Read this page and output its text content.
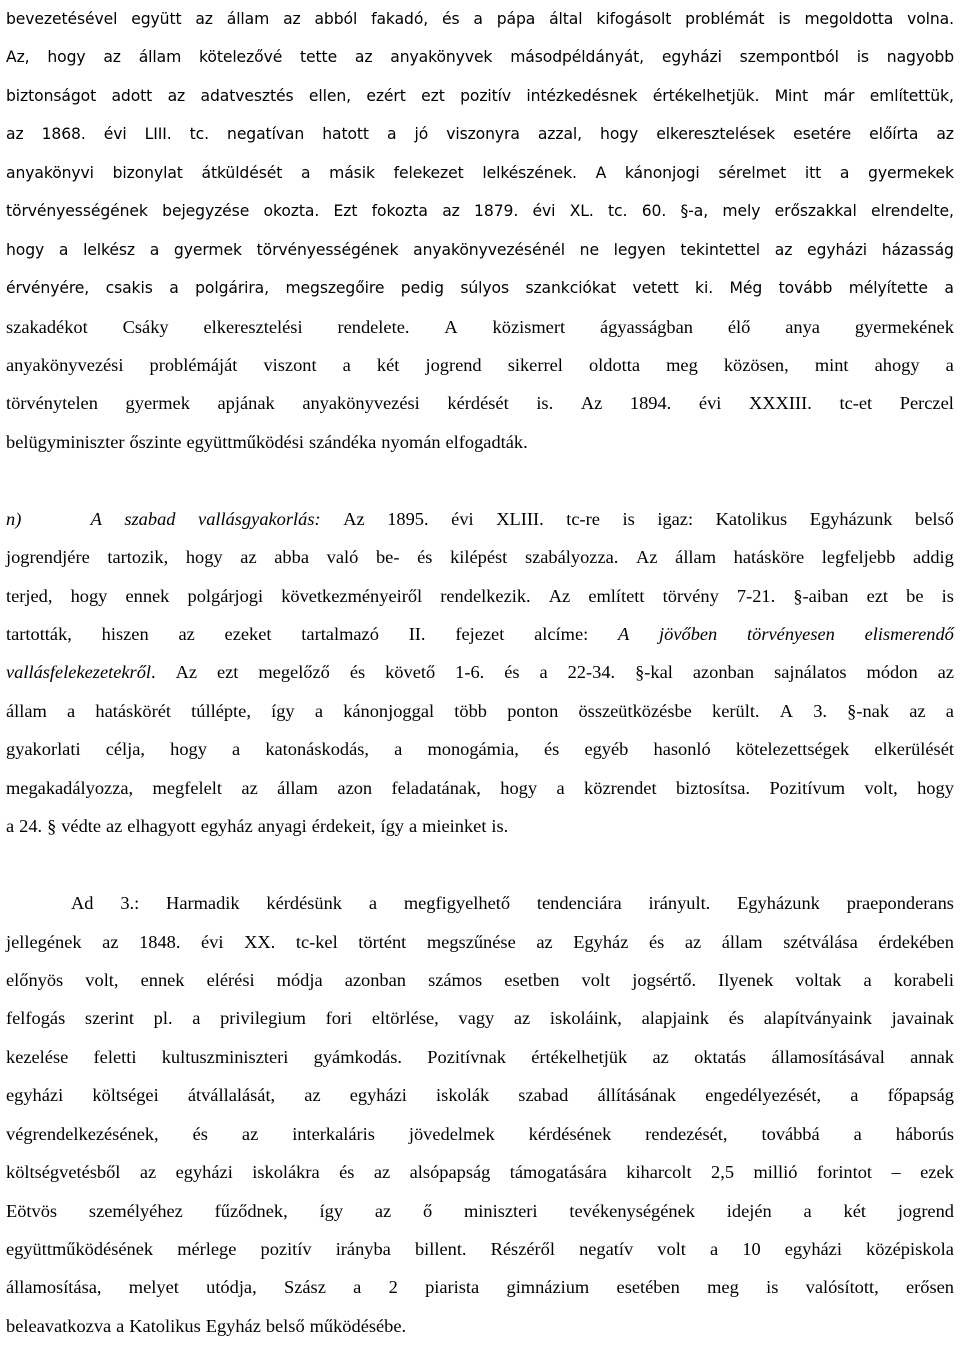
bevezetésével együtt az állam az abból fakadó, és a pápa által kifogásolt problémát is megoldotta volna.
Az, hogy az állam kötelezővé tette az anyakönyvek másodpéldányát, egyházi szempontból is nagyobb
biztonságot adott az adatvesztés ellen, ezért ezt pozitív intézkedésnek értékelhetjük. Mint már említettük,
az 1868. évi LIII. tc. negatívan hatott a jó viszonyra azzal, hogy elkeresztelések esetére előírta az
anyakönyvi bizonylat átküldését a másik felekezet lelkészének. A kánonjogi sérelmet itt a gyermekek
törvényességének bejegyzése okozta. Ezt fokozta az 1879. évi XL. tc. 60. §-a, mely erőszakkal elrendelte,
hogy a lelkész a gyermek törvényességének anyakönyvezésénél ne legyen tekintettel az egyházi házasság
érvényére, csakis a polgárira, megszegőire pedig súlyos szankciókat vetett ki. Még tovább mélyítette a
szakadékot Csáky elkeresztelési rendelete. A közismert ágyasságban élő anya gyermekének
anyakönyvezési problémáját viszont a két jogrend sikerrel oldotta meg közösen, mint ahogy a
törvénytelen gyermek apjának anyakönyvezési kérdését is. Az 1894. évi XXXIII. tc-et Perczel
belügyminiszter őszinte együttműködési szándéka nyomán elfogadták.
n)	A szabad vallásgyakorlás: Az 1895. évi XLIII. tc-re is igaz: Katolikus Egyházunk belső
jogrendjére tartozik, hogy az abba való be- és kilépést szabályozza. Az állam hatásköre legfeljebb addig
terjed, hogy ennek polgárjogi következményeiről rendelkezik. Az említett törvény 7-21. §-aiban ezt be is
tartották, hiszen az ezeket tartalmazó II. fejezet alcíme: A jövőben törvényesen elismerendő
vallásfelekezetekről. Az ezt megelőző és követő 1-6. és a 22-34. §-kal azonban sajnálatos módon az
állam a hatáskörét túllépte, így a kánonjoggal több ponton összeütközésbe került. A 3. §-nak az a
gyakorlati célja, hogy a katonáskodás, a monogámia, és egyéb hasonló kötelezettségek elkerülését
megakadályozza, megfelelt az állam azon feladatának, hogy a közrendet biztosítsa. Pozitívum volt, hogy
a 24. § védte az elhagyott egyház anyagi érdekeit, így a mieinket is.
Ad 3.: Harmadik kérdésünk a megfigyelhető tendenciára irányult. Egyházunk praeponderans
jellegének az 1848. évi XX. tc-kel történt megszűnése az Egyház és az állam szétválása érdekében
előnyös volt, ennek elérési módja azonban számos esetben volt jogsértő. Ilyenek voltak a korabeli
felfogás szerint pl. a privilegium fori eltörlése, vagy az iskoláink, alapjaink és alapítványaink javainak
kezelése feletti kultuszminiszteri gyámkodás. Pozitívnak értékelhetjük az oktatás államosításával annak
egyházi költségei átvállalását, az egyházi iskolák szabad állításának engedélyezését, a főpapság
végrendelkezésének, és az interkaláris jövedelmek kérdésének rendezését, továbbá a háborús
költségvetésből az egyházi iskolákra és az alsópapság támogatására kiharcolt 2,5 millió forintot – ezek
Eötvös személyéhez fűződnek, így az ő miniszteri tevékenységének idején a két jogrend
együttműködésének mérlege pozitív irányba billent. Részéről negatív volt a 10 egyházi középiskola
államosítása, melyet utódja, Szász a 2 piarista gimnázium esetében meg is valósított, erősen
beleavatkozva a Katolikus Egyház belső működésébe.
